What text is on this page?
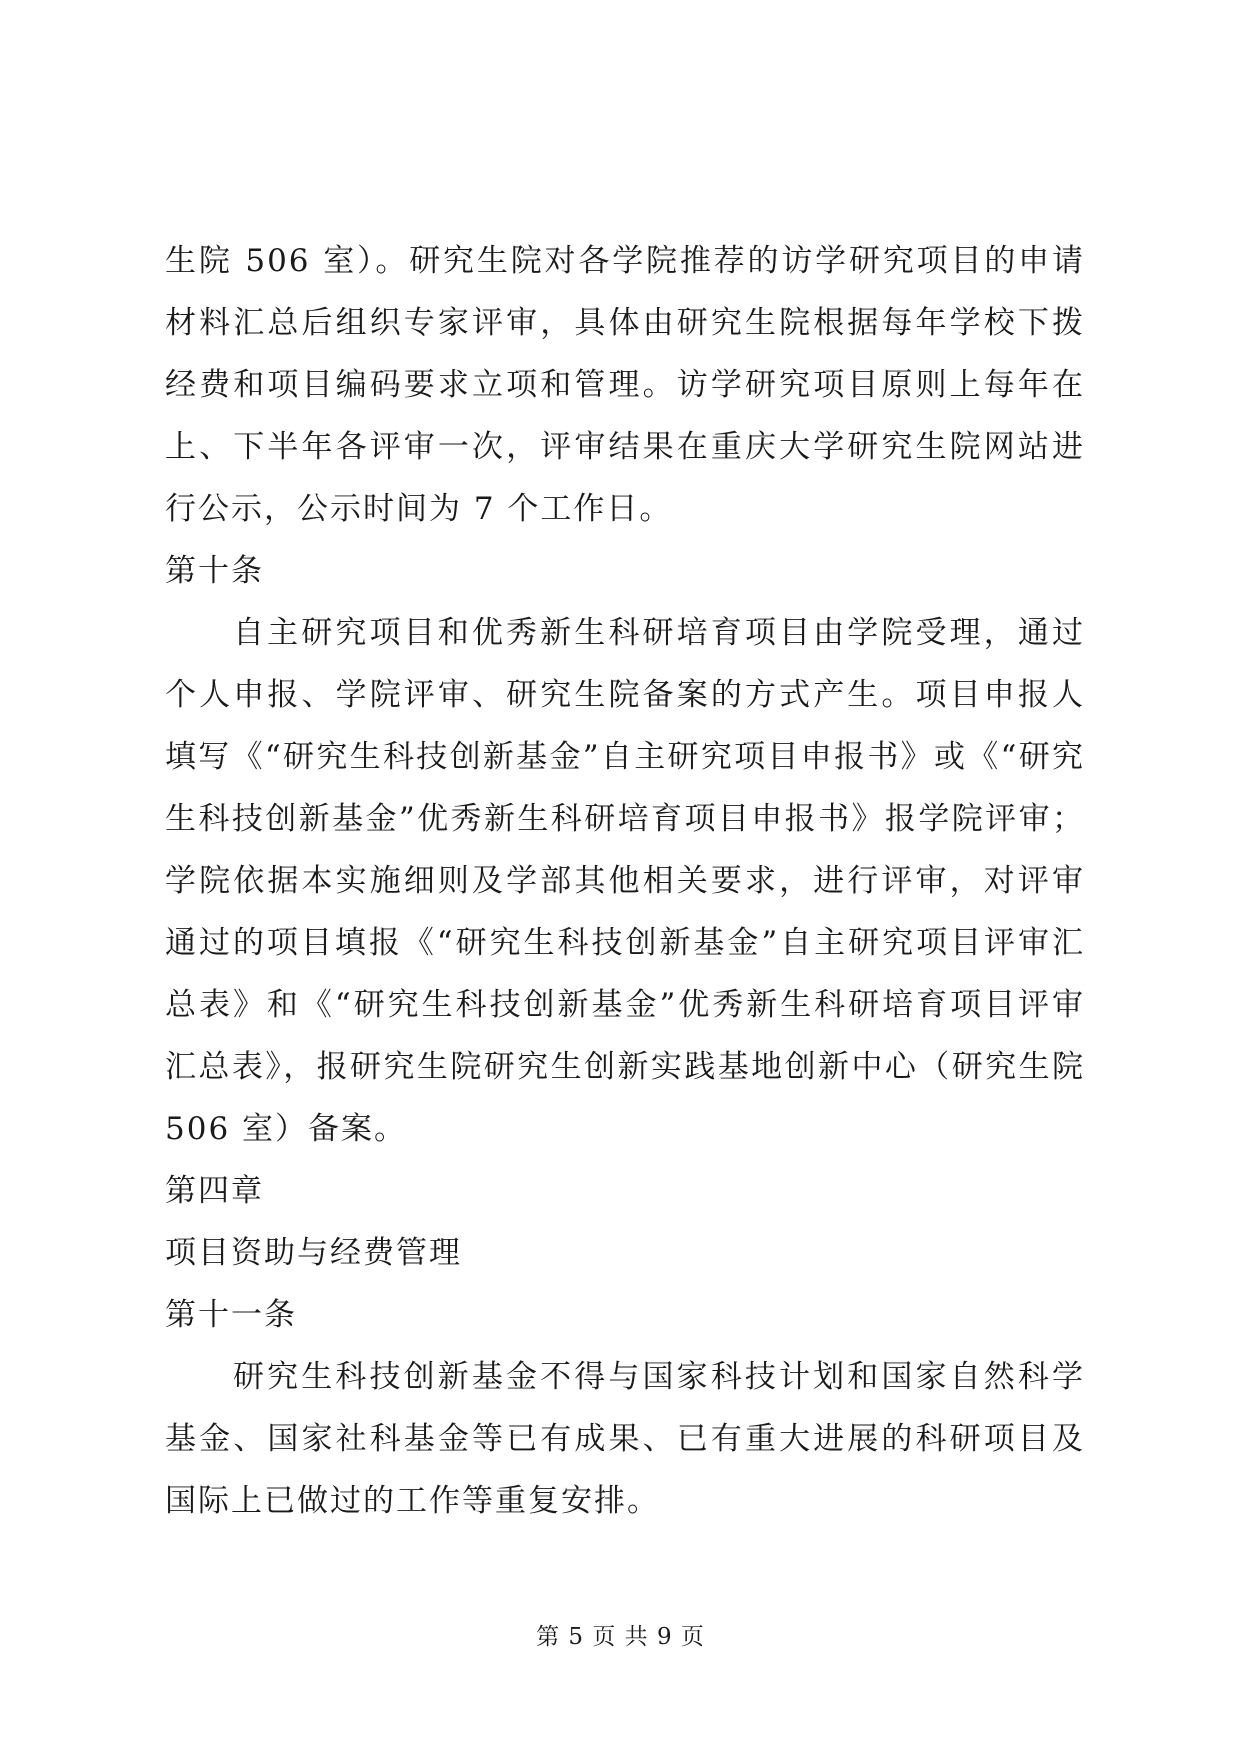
生院 506 室）。研究生院对各学院推荐的访学研究项目的申请材料汇总后组织专家评审，具体由研究生院根据每年学校下拨经费和项目编码要求立项和管理。访学研究项目原则上每年在上、下半年各评审一次，评审结果在重庆大学研究生院网站进行公示，公示时间为 7 个工作日。

第十条

自主研究项目和优秀新生科研培育项目由学院受理，通过个人申报、学院评审、研究生院备案的方式产生。项目申报人填写《“研究生科技创新基金”自主研究项目申报书》或《“研究生科技创新基金”优秀新生科研培育项目申报书》报学院评审；学院依据本实施细则及学部其他相关要求，进行评审，对评审通过的项目填报《“研究生科技创新基金”自主研究项目评审汇总表》和《“研究生科技创新基金”优秀新生科研培育项目评审汇总表》，报研究生院研究生创新实践基地创新中心（研究生院 506 室）备案。

第四章

项目资助与经费管理

第十一条

研究生科技创新基金不得与国家科技计划和国家自然科学基金、国家社科基金等已有成果、已有重大进展的科研项目及国际上已做过的工作等重复安排。

第 5 页 共 9 页
